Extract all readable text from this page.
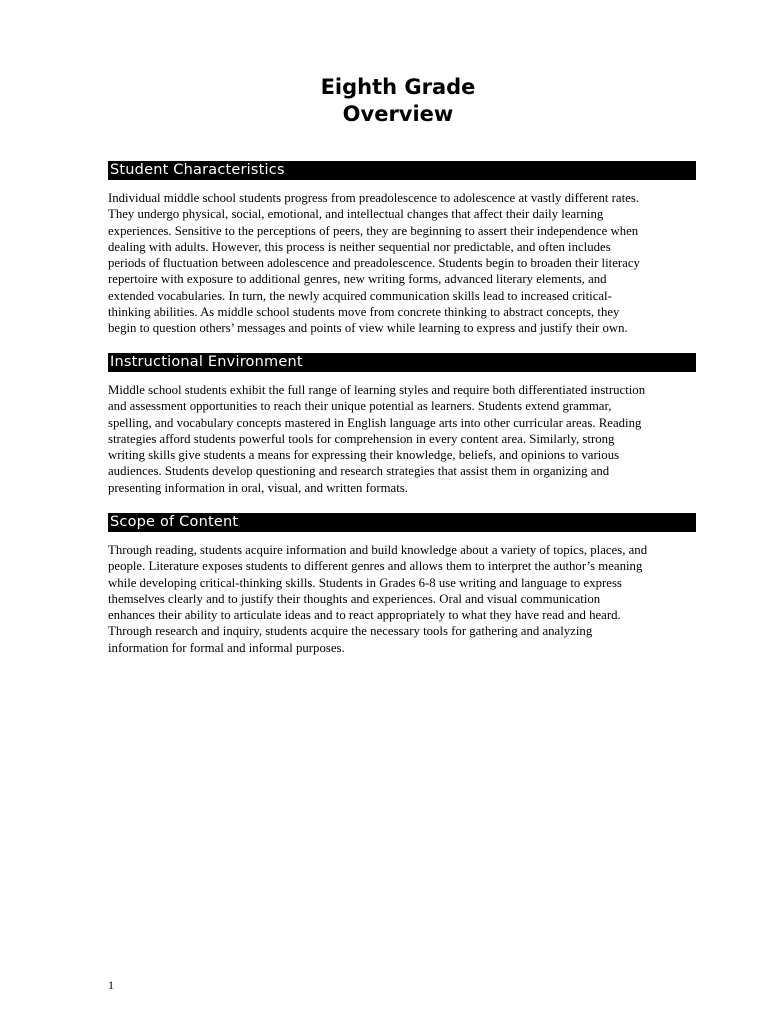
Eighth Grade
Overview
Student Characteristics
Individual middle school students progress from preadolescence to adolescence at vastly different rates.
They undergo physical, social, emotional, and intellectual changes that affect their daily learning
experiences. Sensitive to the perceptions of peers, they are beginning to assert their independence when
dealing with adults. However, this process is neither sequential nor predictable, and often includes
periods of fluctuation between adolescence and preadolescence. Students begin to broaden their literacy
repertoire with exposure to additional genres, new writing forms, advanced literary elements, and
extended vocabularies. In turn, the newly acquired communication skills lead to increased critical-
thinking abilities. As middle school students move from concrete thinking to abstract concepts, they
begin to question others’ messages and points of view while learning to express and justify their own.
Instructional Environment
Middle school students exhibit the full range of learning styles and require both differentiated instruction
and assessment opportunities to reach their unique potential as learners. Students extend grammar,
spelling, and vocabulary concepts mastered in English language arts into other curricular areas. Reading
strategies afford students powerful tools for comprehension in every content area. Similarly, strong
writing skills give students a means for expressing their knowledge, beliefs, and opinions to various
audiences. Students develop questioning and research strategies that assist them in organizing and
presenting information in oral, visual, and written formats.
Scope of Content
Through reading, students acquire information and build knowledge about a variety of topics, places, and
people. Literature exposes students to different genres and allows them to interpret the author’s meaning
while developing critical-thinking skills. Students in Grades 6-8 use writing and language to express
themselves clearly and to justify their thoughts and experiences. Oral and visual communication
enhances their ability to articulate ideas and to react appropriately to what they have read and heard.
Through research and inquiry, students acquire the necessary tools for gathering and analyzing
information for formal and informal purposes.
1
